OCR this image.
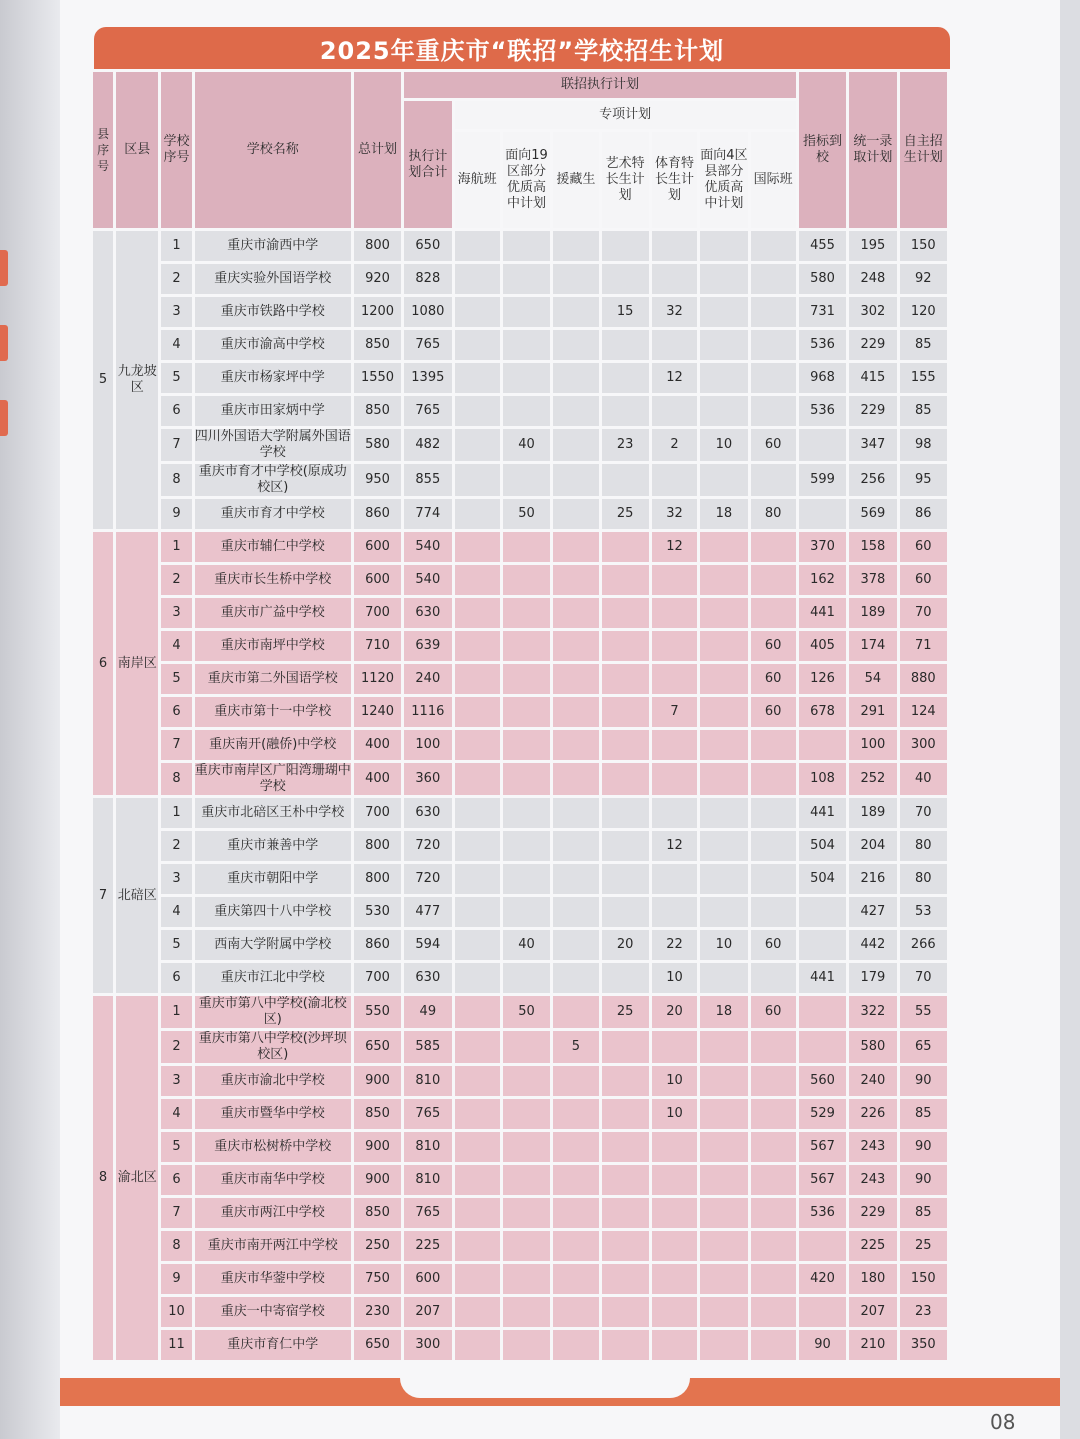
2025年重庆市“联招”学校招生计划
县序号	区县	学校序号	学校名称	总计划	联招执行计划								指标到校	统一录取计划	自主招生计划
					执行计划合计	专项计划									
						海航班	面向19区部分优质高中计划	援藏生	艺术特长生计划	体育特长生计划	面向4区县部分优质高中计划	国际班			
5	九龙坡区	1	重庆市渝西中学	800	650								455	195	150
		2	重庆实验外国语学校	920	828								580	248	92
		3	重庆市铁路中学校	1200	1080				15	32			731	302	120
		4	重庆市渝高中学校	850	765								536	229	85
		5	重庆市杨家坪中学	1550	1395					12			968	415	155
		6	重庆市田家炳中学	850	765								536	229	85
		7	四川外国语大学附属外国语学校	580	482		40		23	2	10	60		347	98
		8	重庆市育才中学校(原成功校区)	950	855								599	256	95
		9	重庆市育才中学校	860	774		50		25	32	18	80		569	86
6	南岸区	1	重庆市辅仁中学校	600	540					12			370	158	60
		2	重庆市长生桥中学校	600	540								162	378	60
		3	重庆市广益中学校	700	630								441	189	70
		4	重庆市南坪中学校	710	639							60	405	174	71
		5	重庆市第二外国语学校	1120	240							60	126	54	880
		6	重庆市第十一中学校	1240	1116					7		60	678	291	124
		7	重庆南开(融侨)中学校	400	100									100	300
		8	重庆市南岸区广阳湾珊瑚中学校	400	360								108	252	40
7	北碚区	1	重庆市北碚区王朴中学校	700	630								441	189	70
		2	重庆市兼善中学	800	720					12			504	204	80
		3	重庆市朝阳中学	800	720								504	216	80
		4	重庆第四十八中学校	530	477									427	53
		5	西南大学附属中学校	860	594		40		20	22	10	60		442	266
		6	重庆市江北中学校	700	630					10			441	179	70
8	渝北区	1	重庆市第八中学校(渝北校区)	550	49		50		25	20	18	60		322	55
		2	重庆市第八中学校(沙坪坝校区)	650	585			5						580	65
		3	重庆市渝北中学校	900	810					10			560	240	90
		4	重庆市暨华中学校	850	765					10			529	226	85
		5	重庆市松树桥中学校	900	810								567	243	90
		6	重庆市南华中学校	900	810								567	243	90
		7	重庆市两江中学校	850	765								536	229	85
		8	重庆市南开两江中学校	250	225									225	25
		9	重庆市华蓥中学校	750	600								420	180	150
		10	重庆一中寄宿学校	230	207									207	23
		11	重庆市育仁中学	650	300								90	210	350
08
